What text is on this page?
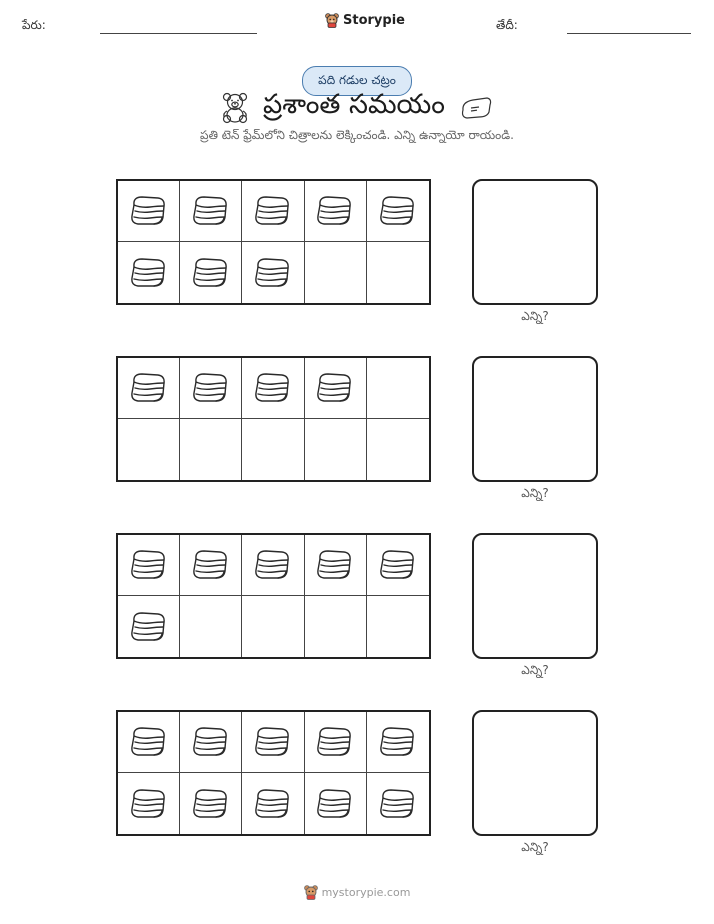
పేరు:	Storypie	తేదీ:
పది గడుల చట్రం
ప్రశాంత సమయం
ప్రతి టెన్ ఫ్రేమ్‌లోని చిత్రాలను లెక్కించండి. ఎన్ని ఉన్నాయో రాయండి.
ఎన్ని?
ఎన్ని?
ఎన్ని?
ఎన్ని?
mystorypie.com
